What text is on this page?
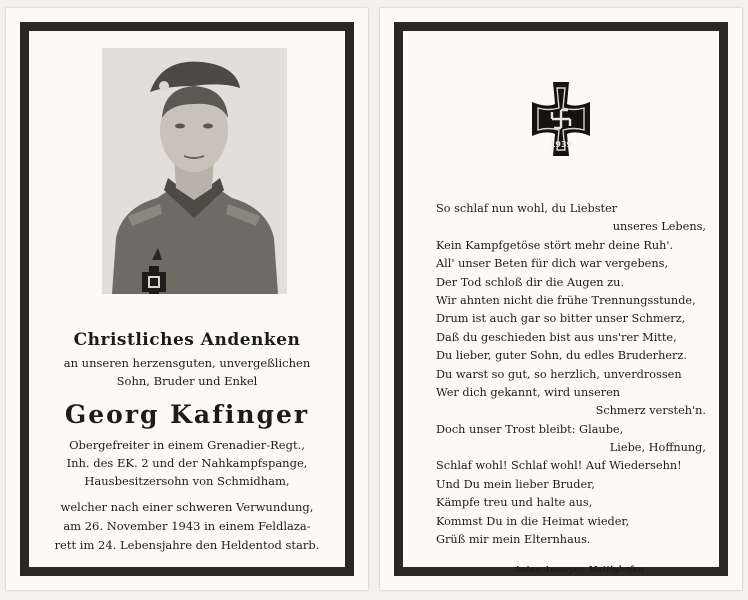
Christliches Andenken
an unseren herzensguten, unvergeßlichen
Sohn, Bruder und Enkel
Georg Kafinger
Obergefreiter in einem Grenadier-Regt.,
Inh. des EK. 2 und der Nahkampfspange,
Hausbesitzersohn von Schmidham,
welcher nach einer schweren Verwundung,
am 26. November 1943 in einem Feldlaza-
rett im 24. Lebensjahre den Heldentod starb.
1939
So schlaf nun wohl, du Liebster
unseres Lebens,
Kein Kampfgetöse stört mehr deine Ruh'.
All' unser Beten für dich war vergebens,
Der Tod schloß dir die Augen zu.
Wir ahnten nicht die frühe Trennungsstunde,
Drum ist auch gar so bitter unser Schmerz,
Daß du geschieden bist aus uns'rer Mitte,
Du lieber, guter Sohn, du edles Bruderherz.
Du warst so gut, so herzlich, unverdrossen
Wer dich gekannt, wird unseren
Schmerz versteh'n.
Doch unser Trost bleibt: Glaube,
Liebe, Hoffnung,
Schlaf wohl! Schlaf wohl! Auf Wiedersehn!
Und Du mein lieber Bruder,
Kämpfe treu und halte aus,
Kommst Du in die Heimat wieder,
Grüß mir mein Elternhaus.
Anton Aumayer, Mattighofen
